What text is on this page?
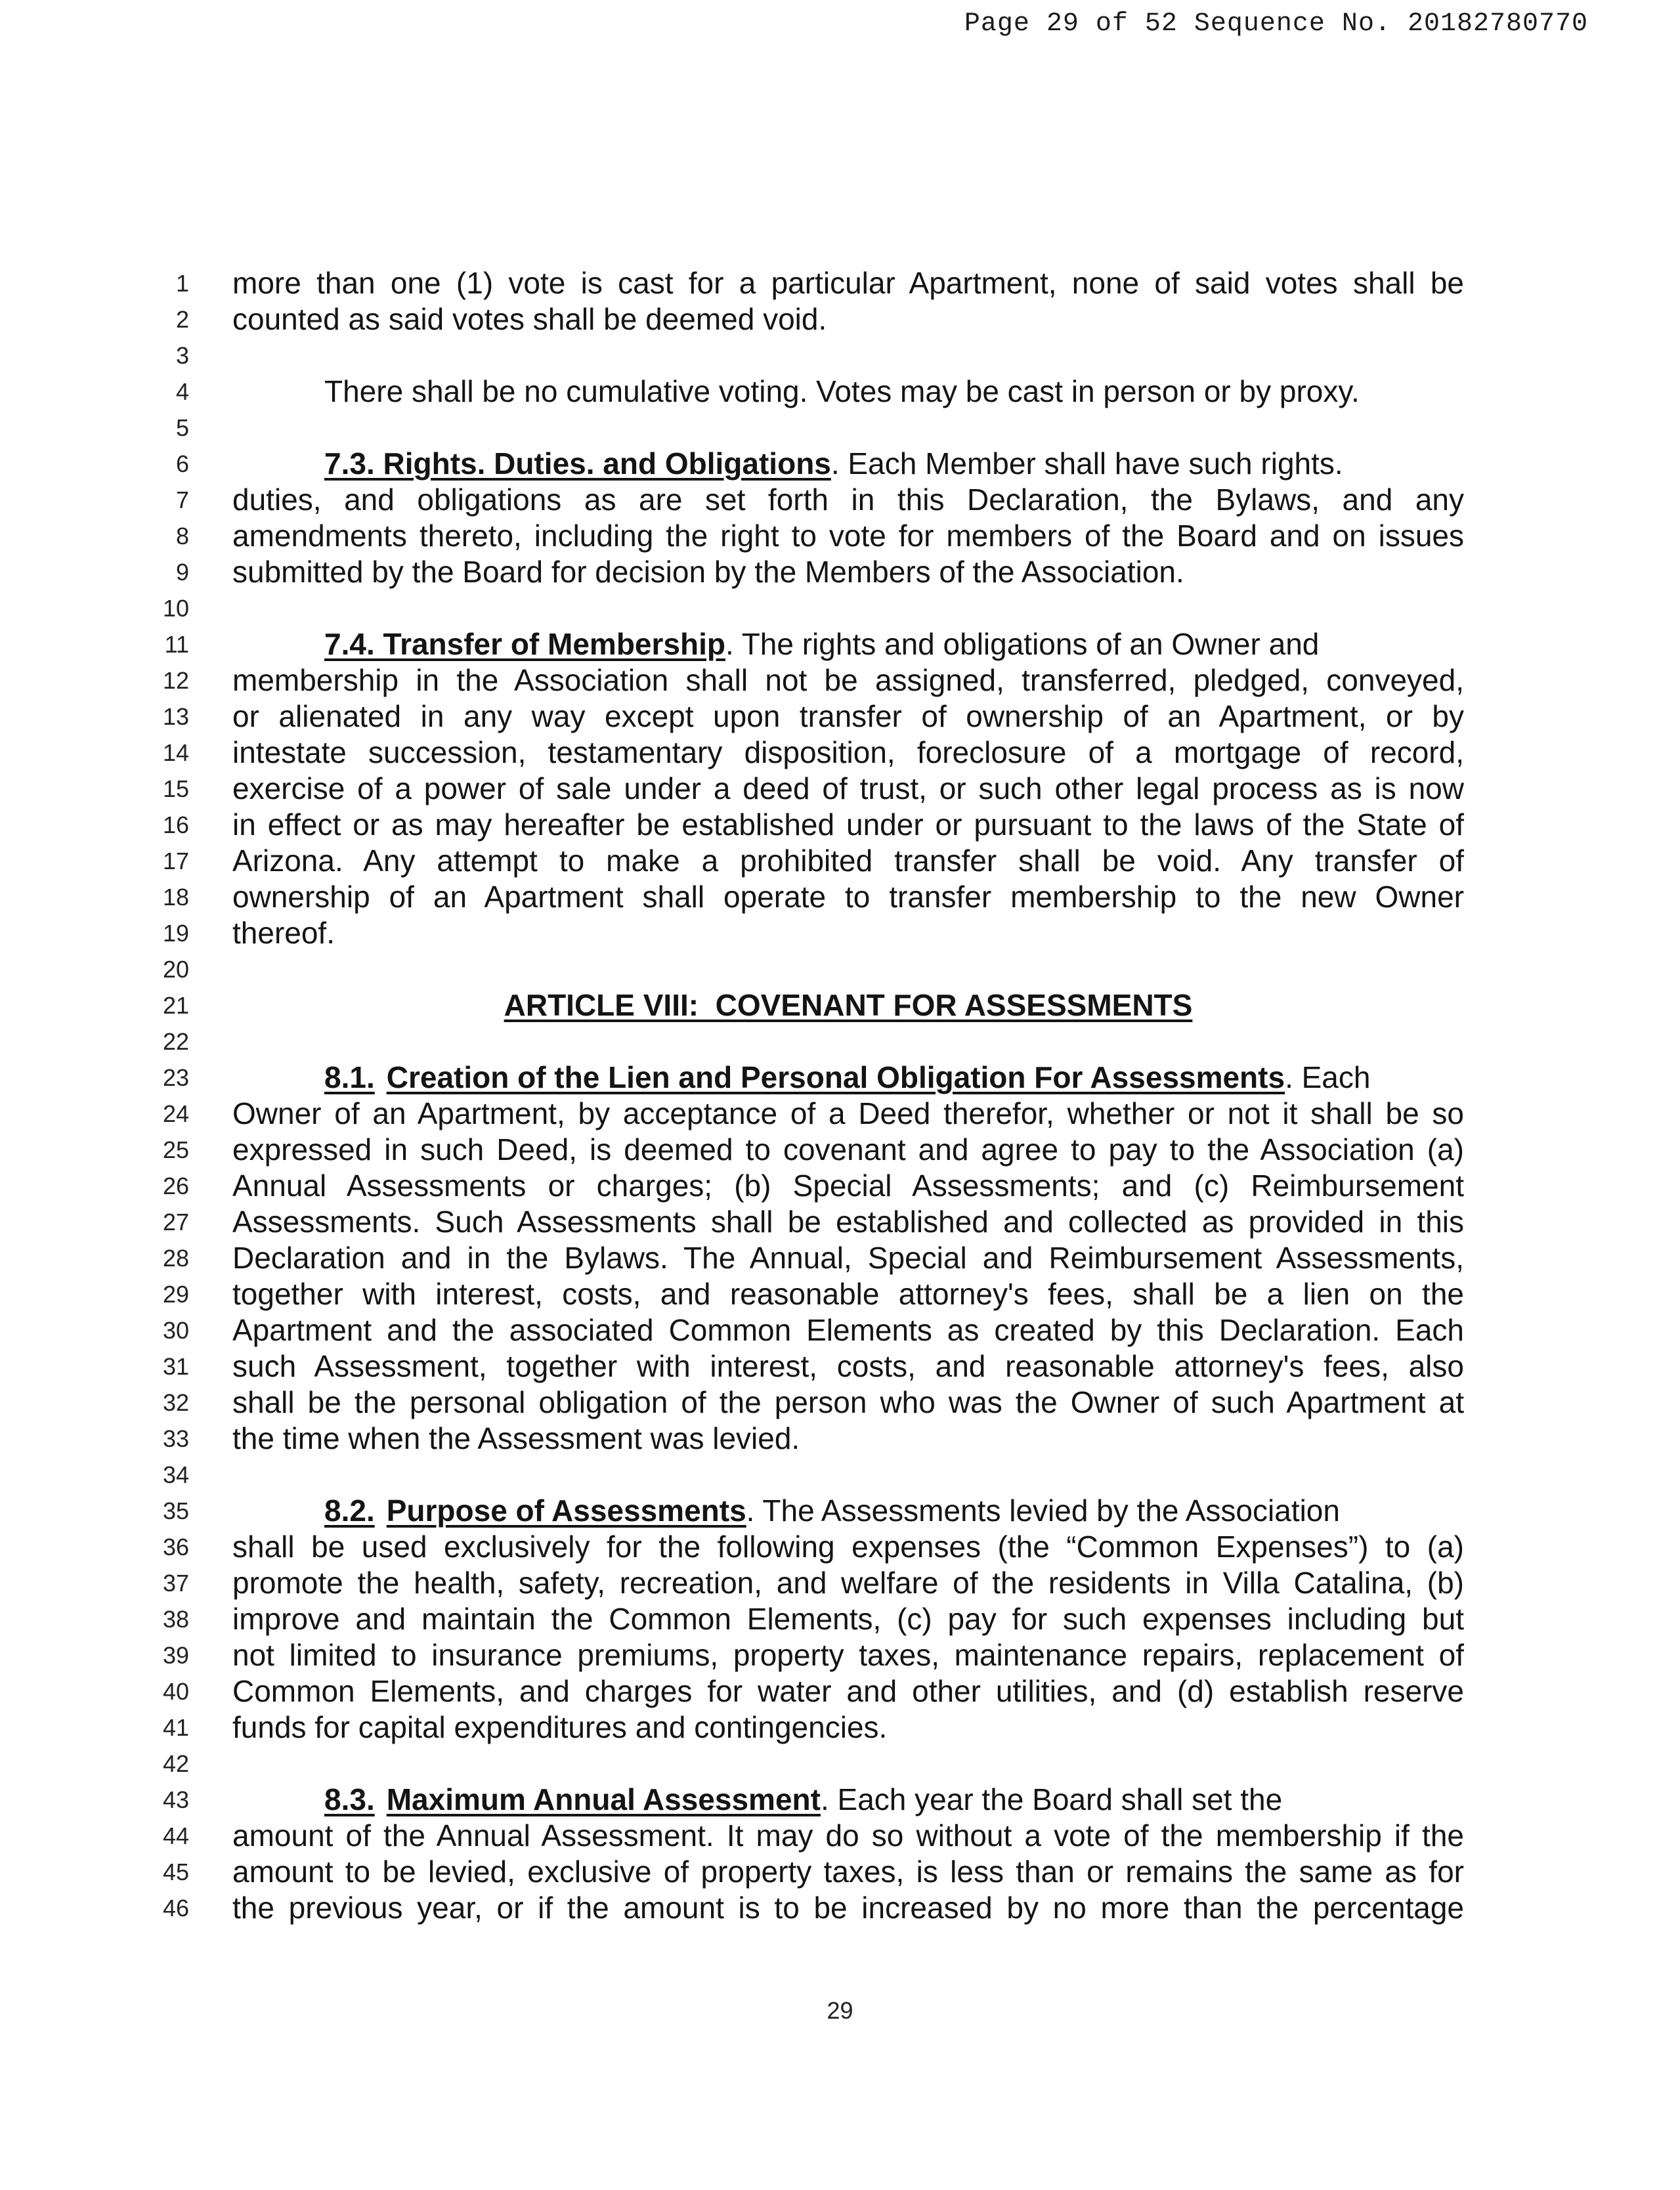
Page 29 of 52 Sequence No. 20182780770
1 more than one (1) vote is cast for a particular Apartment, none of said votes shall be
2 counted as said votes shall be deemed void.
3
4	There shall be no cumulative voting. Votes may be cast in person or by proxy.
5
6	7.3. Rights. Duties. and Obligations. Each Member shall have such rights.
7 duties, and obligations as are set forth in this Declaration, the Bylaws, and any
8 amendments thereto, including the right to vote for members of the Board and on issues
9 submitted by the Board for decision by the Members of the Association.
10
11	7.4. Transfer of Membership. The rights and obligations of an Owner and
12 membership in the Association shall not be assigned, transferred, pledged, conveyed,
13 or alienated in any way except upon transfer of ownership of an Apartment, or by
14 intestate succession, testamentary disposition, foreclosure of a mortgage of record,
15 exercise of a power of sale under a deed of trust, or such other legal process as is now
16 in effect or as may hereafter be established under or pursuant to the laws of the State of
17 Arizona. Any attempt to make a prohibited transfer shall be void. Any transfer of
18 ownership of an Apartment shall operate to transfer membership to the new Owner
19 thereof.
20
21	ARTICLE VIII:  COVENANT FOR ASSESSMENTS
22
23	8.1. Creation of the Lien and Personal Obligation For Assessments. Each
24 Owner of an Apartment, by acceptance of a Deed therefor, whether or not it shall be so
25 expressed in such Deed, is deemed to covenant and agree to pay to the Association (a)
26 Annual Assessments or charges; (b) Special Assessments; and (c) Reimbursement
27 Assessments. Such Assessments shall be established and collected as provided in this
28 Declaration and in the Bylaws. The Annual, Special and Reimbursement Assessments,
29 together with interest, costs, and reasonable attorney's fees, shall be a lien on the
30 Apartment and the associated Common Elements as created by this Declaration. Each
31 such Assessment, together with interest, costs, and reasonable attorney's fees, also
32 shall be the personal obligation of the person who was the Owner of such Apartment at
33 the time when the Assessment was levied.
34
35	8.2. Purpose of Assessments. The Assessments levied by the Association
36 shall be used exclusively for the following expenses (the “Common Expenses”) to (a)
37 promote the health, safety, recreation, and welfare of the residents in Villa Catalina, (b)
38 improve and maintain the Common Elements, (c) pay for such expenses including but
39 not limited to insurance premiums, property taxes, maintenance repairs, replacement of
40 Common Elements, and charges for water and other utilities, and (d) establish reserve
41 funds for capital expenditures and contingencies.
42
43	8.3. Maximum Annual Assessment. Each year the Board shall set the
44 amount of the Annual Assessment. It may do so without a vote of the membership if the
45 amount to be levied, exclusive of property taxes, is less than or remains the same as for
46 the previous year, or if the amount is to be increased by no more than the percentage
29
